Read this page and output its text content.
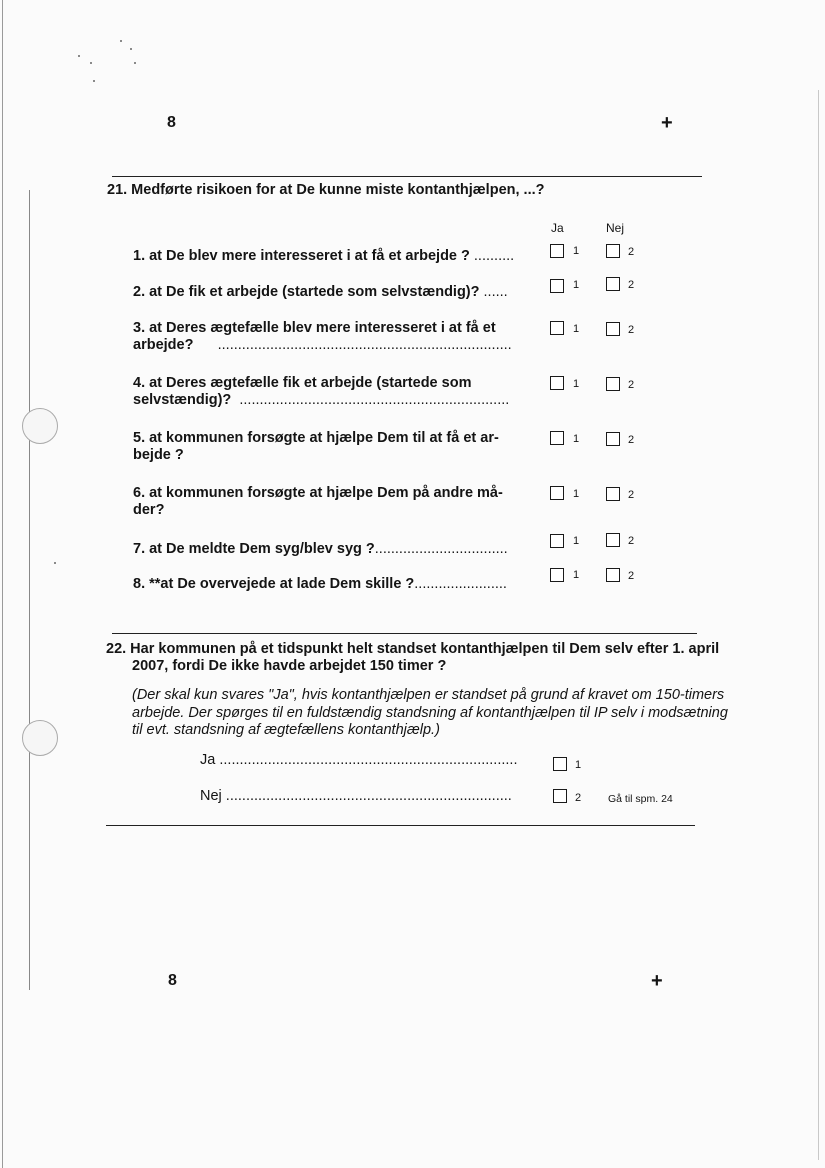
8	+
21. Medførte risikoen for at De kunne miste kontanthjælpen, ...?
Ja	Nej
1. at De blev mere interesseret i at få et arbejde ? ..........	1	2
2. at De fik et arbejde (startede som selvstændig)? ......	1	2
3. at Deres ægtefælle blev mere interesseret i at få et
arbejde? .........................................................................
1	2
4. at Deres ægtefælle fik et arbejde (startede som
selvstændig)? ...................................................................
1	2
5. at kommunen forsøgte at hjælpe Dem til at få et ar-
bejde ?
1	2
6. at kommunen forsøgte at hjælpe Dem på andre må-
der?
1	2
7. at De meldte Dem syg/blev syg ?.................................	1	2
8. **at De overvejede at lade Dem skille ?.......................
1	2
22. Har kommunen på et tidspunkt helt standset kontanthjælpen til Dem selv efter 1. april
2007, fordi De ikke havde arbejdet 150 timer ?
(Der skal kun svares "Ja", hvis kontanthjælpen er standset på grund af kravet om 150-timers
arbejde. Der spørges til en fuldstændig standsning af kontanthjælpen til IP selv i modsætning
til evt. standsning af ægtefællens kontanthjælp.)
Ja ..........................................................................	1
Nej .......................................................................	2	Gå til spm. 24
8	+
